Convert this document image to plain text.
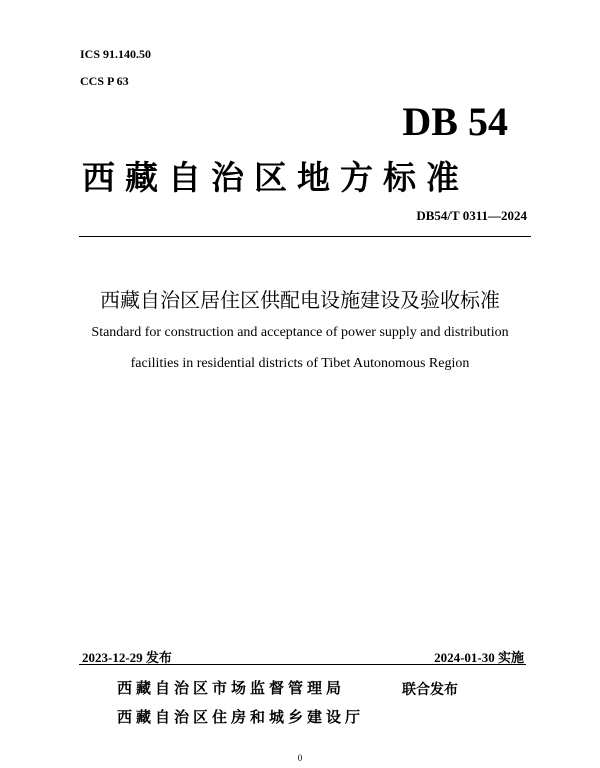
ICS 91.140.50
CCS P 63
DB 54
西藏自治区地方标准
DB54/T 0311—2024
西藏自治区居住区供配电设施建设及验收标准
Standard for construction and acceptance of power supply and distribution
facilities in residential districts of Tibet Autonomous Region
2023-12-29 发布	2024-01-30 实施
西藏自治区市场监督管理局	联合发布
西藏自治区住房和城乡建设厅
0
